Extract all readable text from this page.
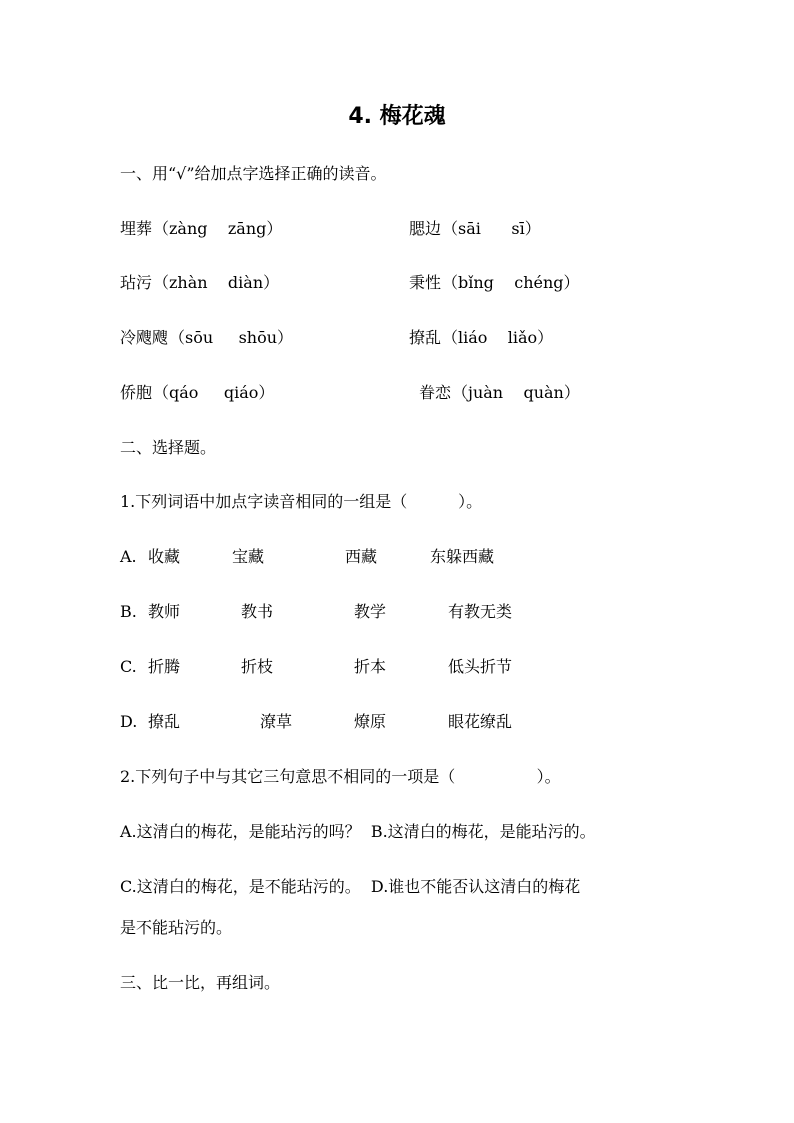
4. 梅花魂
一、用“√”给加点字选择正确的读音。
埋葬 （zàng    zāng）	腮边 （sāi      sī）
玷污 （zhàn    diàn）	秉性 （bǐng    chéng）
冷飕飕 （sōu     shōu）	撩乱 （liáo    liǎo）
侨胞 （qáo     qiáo）	眷恋 （juàn    quàn）
二、选择题。
1.下列词语中加点字读音相同的一组是（          ）。
A. 收藏	宝藏	西藏	东躲西藏
B. 教师	教书	教学	有教无类
C. 折腾	折枝	折本	低头折节
D. 撩乱	潦草	燎原	眼花缭乱
2.下列句子中与其它三句意思不相同的一项是（                ）。
A.这清白的梅花，是能玷污的吗？  B.这清白的梅花，是能玷污的。
C.这清白的梅花，是不能玷污的。  D.谁也不能否认这清白的梅花
是不能玷污的。
三、比一比，再组词。
